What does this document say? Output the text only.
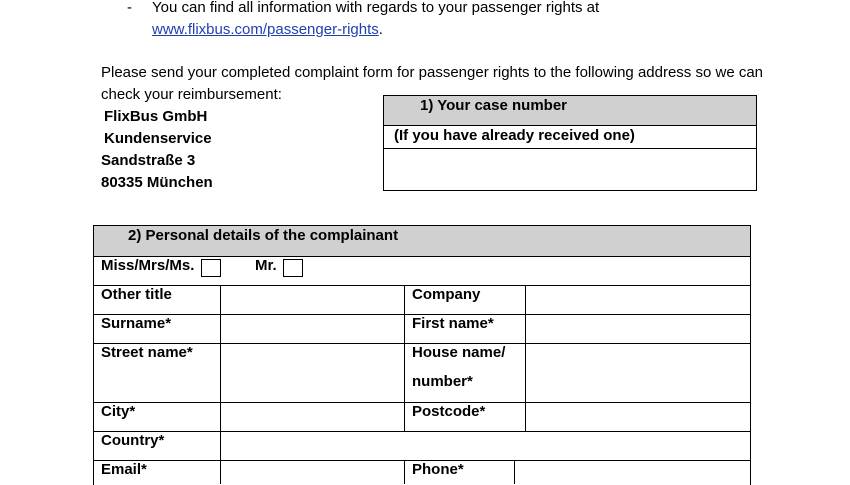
- You can find all information with regards to your passenger rights at
www.flixbus.com/passenger-rights.
Please send your completed complaint form for passenger rights to the following address so we can
check your reimbursement:
FlixBus GmbH
Kundenservice
Sandstraße 3
80335 München
1) Your case number
(If you have already received one)
2) Personal details of the complainant
Miss/Mrs/Ms.	Mr.
Other title	Company
Surname*	First name*
Street name*	House name/
number*
City*	Postcode*
Country*
Email*	Phone*
